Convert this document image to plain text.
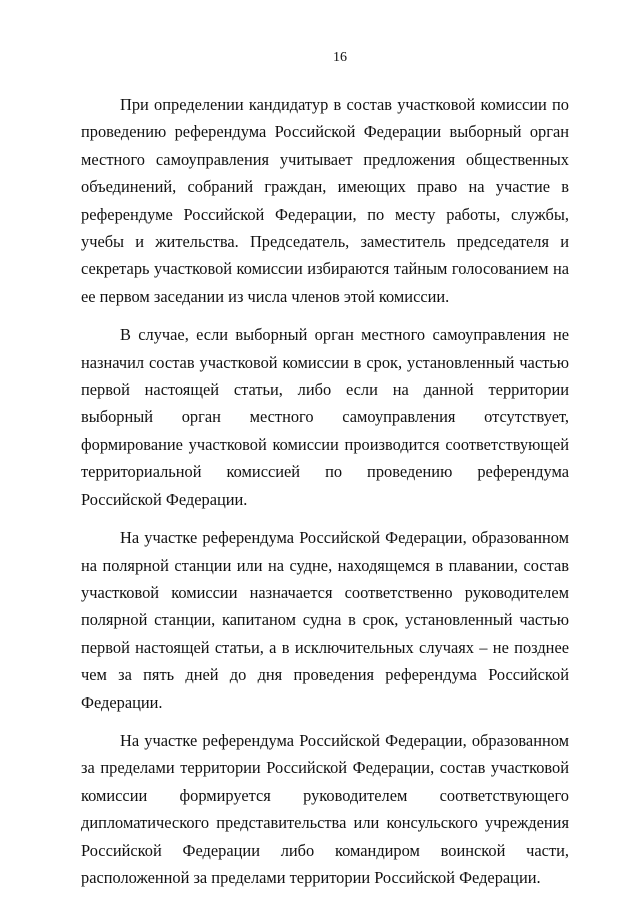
16

При определении кандидатур в состав участковой комиссии по проведению референдума Российской Федерации выборный орган местного самоуправления учитывает предложения общественных объединений, собраний граждан, имеющих право на участие в референдуме Российской Федерации, по месту работы, службы, учебы и жительства. Председатель, заместитель председателя и секретарь участковой комиссии избираются тайным голосованием на ее первом заседании из числа членов этой комиссии.

В случае, если выборный орган местного самоуправления не назначил состав участковой комиссии в срок, установленный частью первой настоящей статьи, либо если на данной территории выборный орган местного самоуправления отсутствует, формирование участковой комиссии производится соответствующей территориальной комиссией по проведению референдума Российской Федерации.

На участке референдума Российской Федерации, образованном на полярной станции или на судне, находящемся в плавании, состав участковой комиссии назначается соответственно руководителем полярной станции, капитаном судна в срок, установленный частью первой настоящей статьи, а в исключительных случаях – не позднее чем за пять дней до дня проведения референдума Российской Федерации.

На участке референдума Российской Федерации, образованном за пределами территории Российской Федерации, состав участковой комиссии формируется руководителем соответствующего дипломатического представительства или консульского учреждения Российской Федерации либо командиром воинской части, расположенной за пределами территории Российской Федерации.
